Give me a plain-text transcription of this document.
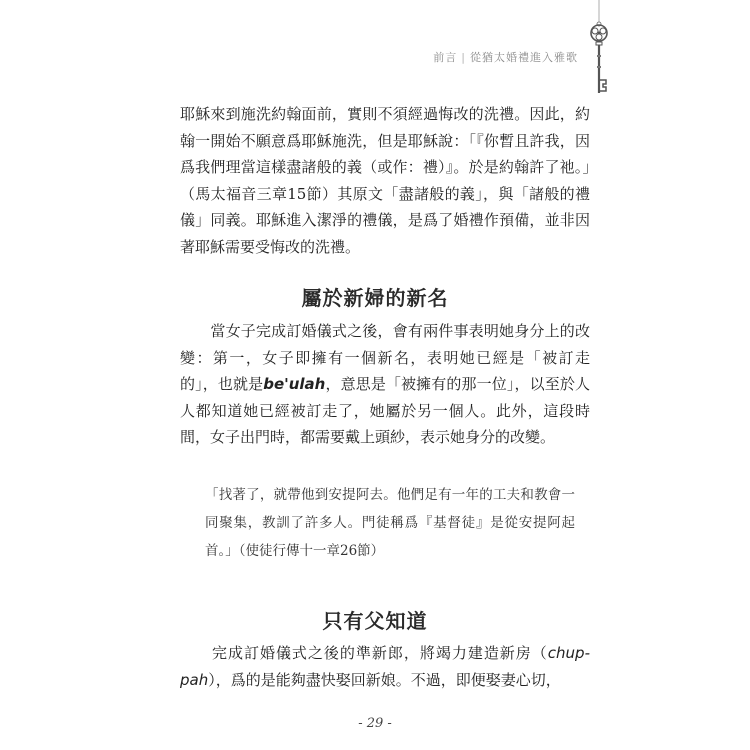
前言 | 從猶太婚禮進入雅歌

耶穌來到施洗約翰面前，實則不須經過悔改的洗禮。因此，約翰一開始不願意爲耶穌施洗，但是耶穌說：「『你暫且許我，因爲我們理當這樣盡諸般的義（或作：禮）』。於是約翰許了祂。」（馬太福音三章15節）其原文「盡諸般的義」，與「諸般的禮儀」同義。耶穌進入潔淨的禮儀，是爲了婚禮作預備，並非因著耶穌需要受悔改的洗禮。

屬於新婦的新名

　　當女子完成訂婚儀式之後，會有兩件事表明她身分上的改變：第一，女子即擁有一個新名，表明她已經是「被訂走的」，也就是be'ulah，意思是「被擁有的那一位」，以至於人人都知道她已經被訂走了，她屬於另一個人。此外，這段時間，女子出門時，都需要戴上頭紗，表示她身分的改變。

「找著了，就帶他到安提阿去。他們足有一年的工夫和教會一同聚集，教訓了許多人。門徒稱爲『基督徒』是從安提阿起首。」（使徒行傳十一章26節）

只有父知道

　　完成訂婚儀式之後的準新郎，將竭力建造新房（chup-pah），爲的是能夠盡快娶回新娘。不過，即便娶妻心切，

- 29 -
